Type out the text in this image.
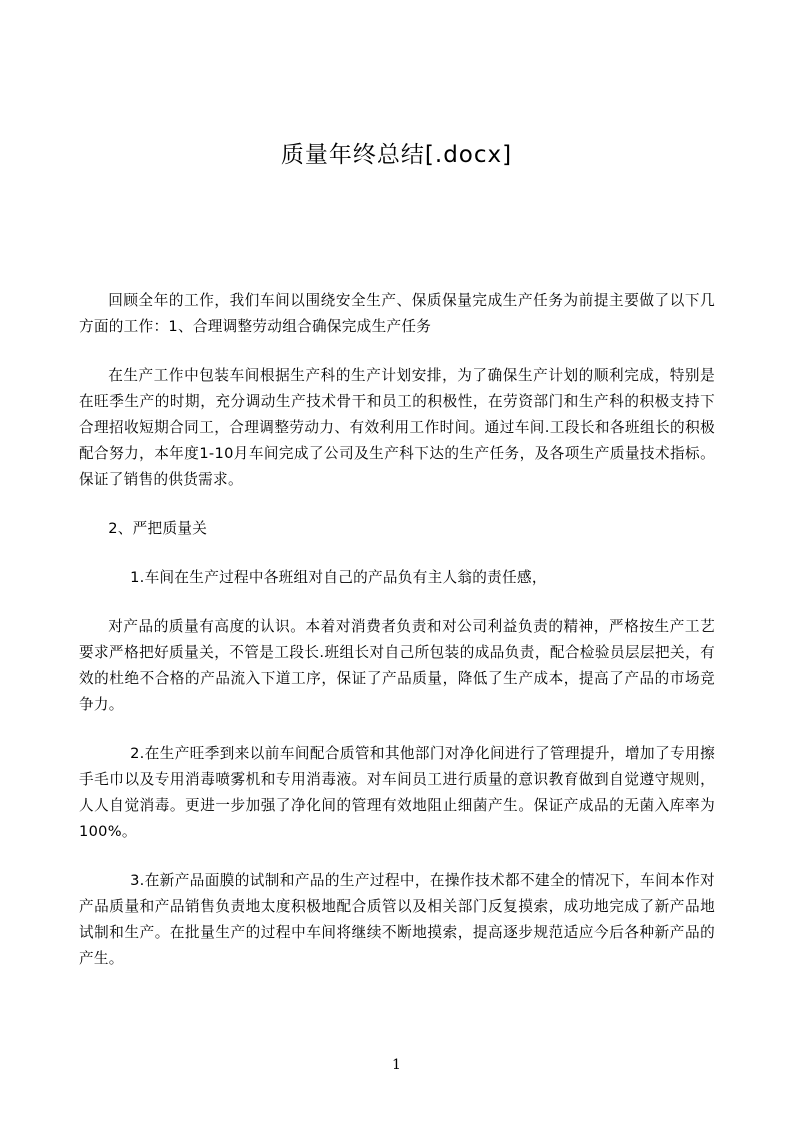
质量年终总结[.docx]

回顾全年的工作，我们车间以围绕安全生产、保质保量完成生产任务为前提主要做了以下几方面的工作：1、合理调整劳动组合确保完成生产任务

在生产工作中包装车间根据生产科的生产计划安排，为了确保生产计划的顺利完成，特别是在旺季生产的时期，充分调动生产技术骨干和员工的积极性，在劳资部门和生产科的积极支持下合理招收短期合同工，合理调整劳动力、有效利用工作时间。通过车间.工段长和各班组长的积极配合努力，本年度1-10月车间完成了公司及生产科下达的生产任务，及各项生产质量技术指标。保证了销售的供货需求。

2、严把质量关

1.车间在生产过程中各班组对自己的产品负有主人翁的责任感，

对产品的质量有高度的认识。本着对消费者负责和对公司利益负责的精神，严格按生产工艺要求严格把好质量关，不管是工段长.班组长对自己所包装的成品负责，配合检验员层层把关，有效的杜绝不合格的产品流入下道工序，保证了产品质量，降低了生产成本，提高了产品的市场竞争力。

2.在生产旺季到来以前车间配合质管和其他部门对净化间进行了管理提升，增加了专用擦手毛巾以及专用消毒喷雾机和专用消毒液。对车间员工进行质量的意识教育做到自觉遵守规则，人人自觉消毒。更进一步加强了净化间的管理有效地阻止细菌产生。保证产成品的无菌入库率为100%。

3.在新产品面膜的试制和产品的生产过程中，在操作技术都不建全的情况下，车间本作对产品质量和产品销售负责地太度积极地配合质管以及相关部门反复摸索，成功地完成了新产品地试制和生产。在批量生产的过程中车间将继续不断地摸索，提高逐步规范适应今后各种新产品的产生。

1
